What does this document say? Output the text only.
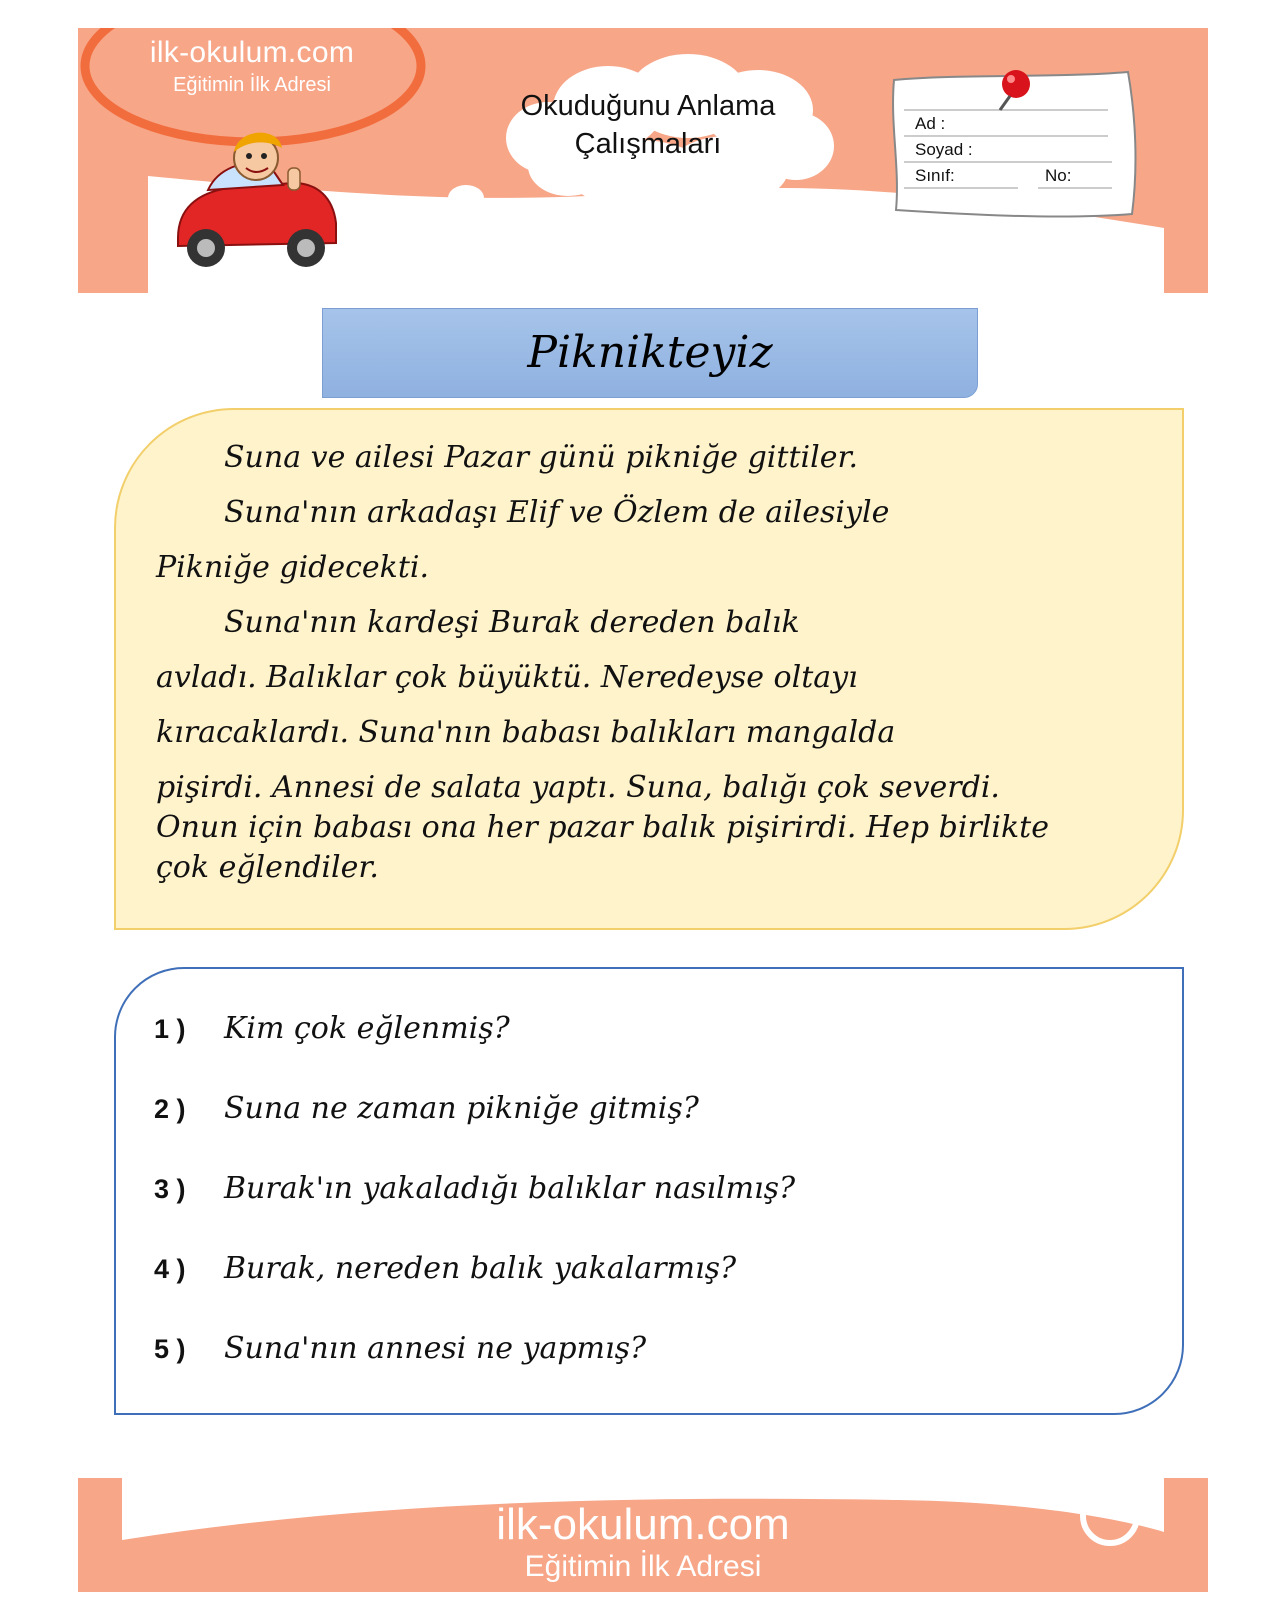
ilk-okulum.com
Eğitimin İlk Adresi
Okuduğunu Anlama
Çalışmaları
Ad :
Soyad :
Sınıf:	No:
Piknikteyiz
Suna ve ailesi Pazar günü pikniğe gittiler.
Suna'nın arkadaşı Elif ve Özlem de ailesiyle
Pikniğe gidecekti.
Suna'nın kardeşi Burak dereden balık
avladı. Balıklar çok büyüktü. Neredeyse oltayı
kıracaklardı. Suna'nın babası balıkları mangalda
pişirdi. Annesi de salata yaptı. Suna, balığı çok severdi.
Onun için babası ona her pazar balık pişirirdi. Hep birlikte
çok eğlendiler.
1 ) Kim çok eğlenmiş?
2 ) Suna ne zaman pikniğe gitmiş?
3 ) Burak'ın yakaladığı balıklar nasılmış?
4 ) Burak, nereden balık yakalarmış?
5 ) Suna'nın annesi ne yapmış?
ilk-okulum.com
Eğitimin İlk Adresi
